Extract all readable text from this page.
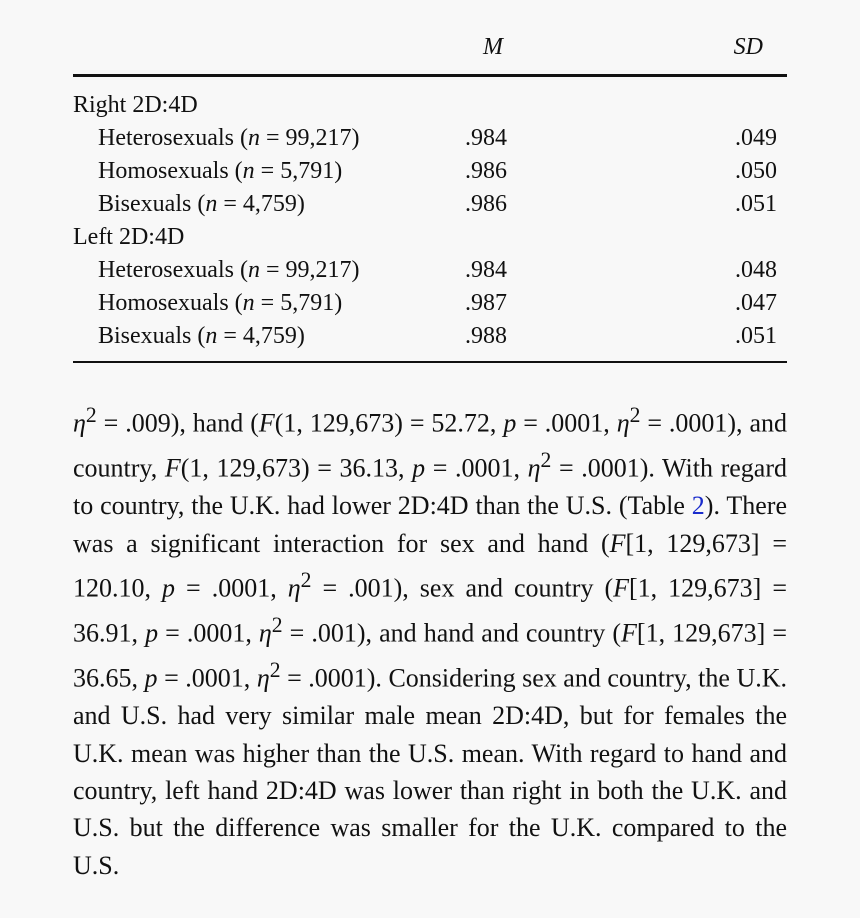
	M	SD
Right 2D:4D		
Heterosexuals (n = 99,217)	.984	.049
Homosexuals (n = 5,791)	.986	.050
Bisexuals (n = 4,759)	.986	.051
Left 2D:4D		
Heterosexuals (n = 99,217)	.984	.048
Homosexuals (n = 5,791)	.987	.047
Bisexuals (n = 4,759)	.988	.051

$\eta^2 = .009$), hand (F(1, 129,673) = 52.72, p = .0001, $\eta^2 = .0001$), and country, F(1, 129,673) = 36.13, p = .0001, $\eta^2 = .0001$). With regard to country, the U.K. had lower 2D:4D than the U.S. (Table 2). There was a significant interaction for sex and hand (F[1, 129,673] = 120.10, p = .0001, $\eta^2 = .001$), sex and country (F[1, 129,673] = 36.91, p = .0001, $\eta^2 = .001$), and hand and country (F[1, 129,673] = 36.65, p = .0001, $\eta^2 = .0001$). Considering sex and country, the U.K. and U.S. had very similar male mean 2D:4D, but for females the U.K. mean was higher than the U.S. mean. With regard to hand and country, left hand 2D:4D was lower than right in both the U.K. and U.S. but the difference was smaller for the U.K. compared to the U.S.
